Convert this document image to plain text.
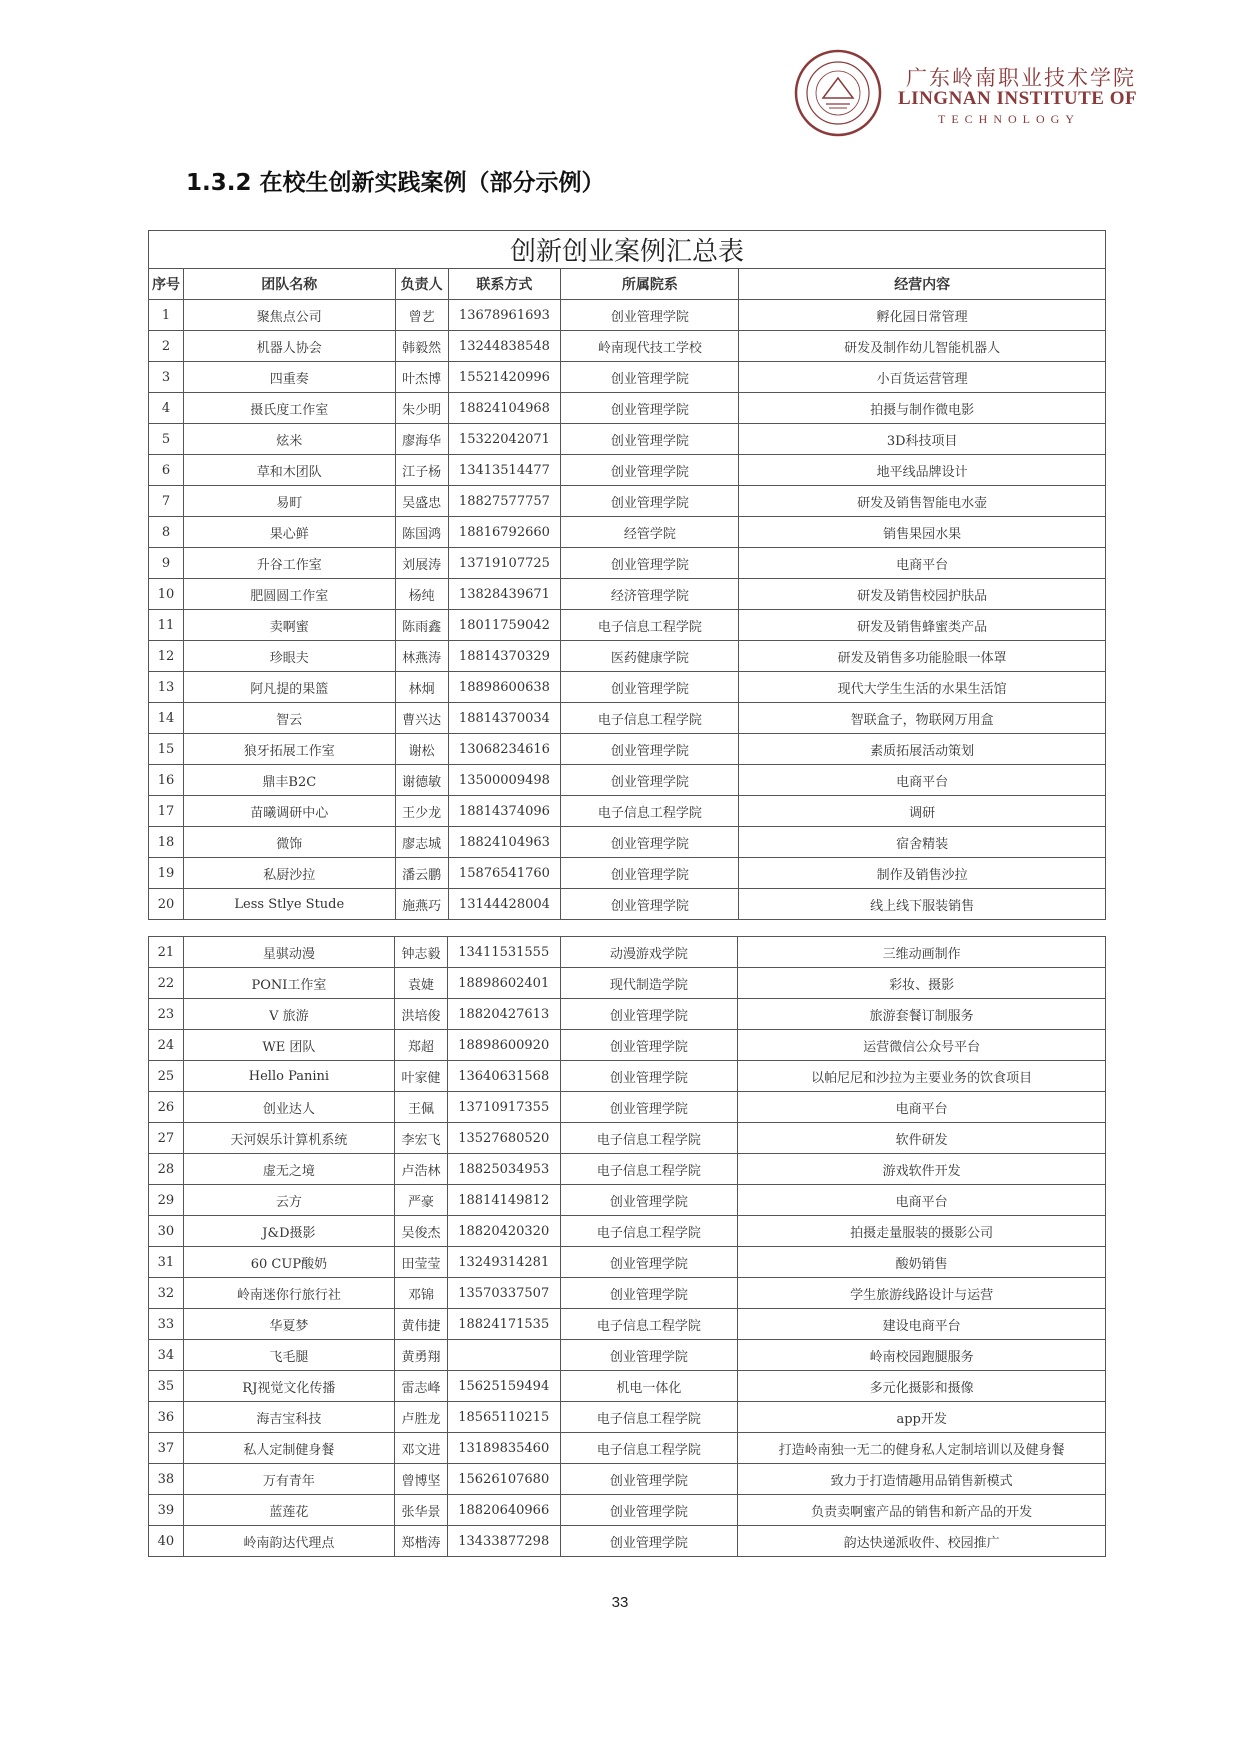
广东岭南职业技术学院
LINGNAN INSTITUTE OF
TECHNOLOGY
1.3.2 在校生创新实践案例（部分示例）
创新创业案例汇总表					
序号	团队名称	负责人	联系方式	所属院系	经营内容
1	聚焦点公司	曾艺	13678961693	创业管理学院	孵化园日常管理
2	机器人协会	韩毅然	13244838548	岭南现代技工学校	研发及制作幼儿智能机器人
3	四重奏	叶杰博	15521420996	创业管理学院	小百货运营管理
4	摄氏度工作室	朱少明	18824104968	创业管理学院	拍摄与制作微电影
5	炫米	廖海华	15322042071	创业管理学院	3D科技项目
6	草和木团队	江子杨	13413514477	创业管理学院	地平线品牌设计
7	易町	吴盛忠	18827577757	创业管理学院	研发及销售智能电水壶
8	果心鲜	陈国鸿	18816792660	经管学院	销售果园水果
9	升谷工作室	刘展涛	13719107725	创业管理学院	电商平台
10	肥圆圆工作室	杨纯	13828439671	经济管理学院	研发及销售校园护肤品
11	卖啊蜜	陈雨鑫	18011759042	电子信息工程学院	研发及销售蜂蜜类产品
12	珍眼夫	林燕涛	18814370329	医药健康学院	研发及销售多功能脸眼一体罩
13	阿凡提的果篮	林炯	18898600638	创业管理学院	现代大学生生活的水果生活馆
14	智云	曹兴达	18814370034	电子信息工程学院	智联盒子，物联网万用盒
15	狼牙拓展工作室	谢松	13068234616	创业管理学院	素质拓展活动策划
16	鼎丰B2C	谢德敏	13500009498	创业管理学院	电商平台
17	苗曦调研中心	王少龙	18814374096	电子信息工程学院	调研
18	微饰	廖志城	18824104963	创业管理学院	宿舍精装
19	私厨沙拉	潘云鹏	15876541760	创业管理学院	制作及销售沙拉
20	Less Stlye Stude	施燕巧	13144428004	创业管理学院	线上线下服装销售
21	星骐动漫	钟志毅	13411531555	动漫游戏学院	三维动画制作
22	PONI工作室	袁婕	18898602401	现代制造学院	彩妆、摄影
23	V 旅游	洪培俊	18820427613	创业管理学院	旅游套餐订制服务
24	WE 团队	郑超	18898600920	创业管理学院	运营微信公众号平台
25	Hello Panini	叶家健	13640631568	创业管理学院	以帕尼尼和沙拉为主要业务的饮食项目
26	创业达人	王佩	13710917355	创业管理学院	电商平台
27	天河娱乐计算机系统	李宏飞	13527680520	电子信息工程学院	软件研发
28	虚无之境	卢浩林	18825034953	电子信息工程学院	游戏软件开发
29	云方	严豪	18814149812	创业管理学院	电商平台
30	J&D摄影	吴俊杰	18820420320	电子信息工程学院	拍摄走量服装的摄影公司
31	60 CUP酸奶	田莹莹	13249314281	创业管理学院	酸奶销售
32	岭南迷你行旅行社	邓锦	13570337507	创业管理学院	学生旅游线路设计与运营
33	华夏梦	黄伟捷	18824171535	电子信息工程学院	建设电商平台
34	飞毛腿	黄勇翔		创业管理学院	岭南校园跑腿服务
35	RJ视觉文化传播	雷志峰	15625159494	机电一体化	多元化摄影和摄像
36	海吉宝科技	卢胜龙	18565110215	电子信息工程学院	app开发
37	私人定制健身餐	邓文进	13189835460	电子信息工程学院	打造岭南独一无二的健身私人定制培训以及健身餐
38	万有青年	曾博坚	15626107680	创业管理学院	致力于打造情趣用品销售新模式
39	蓝莲花	张华景	18820640966	创业管理学院	负责卖啊蜜产品的销售和新产品的开发
40	岭南韵达代理点	郑楷涛	13433877298	创业管理学院	韵达快递派收件、校园推广
33
